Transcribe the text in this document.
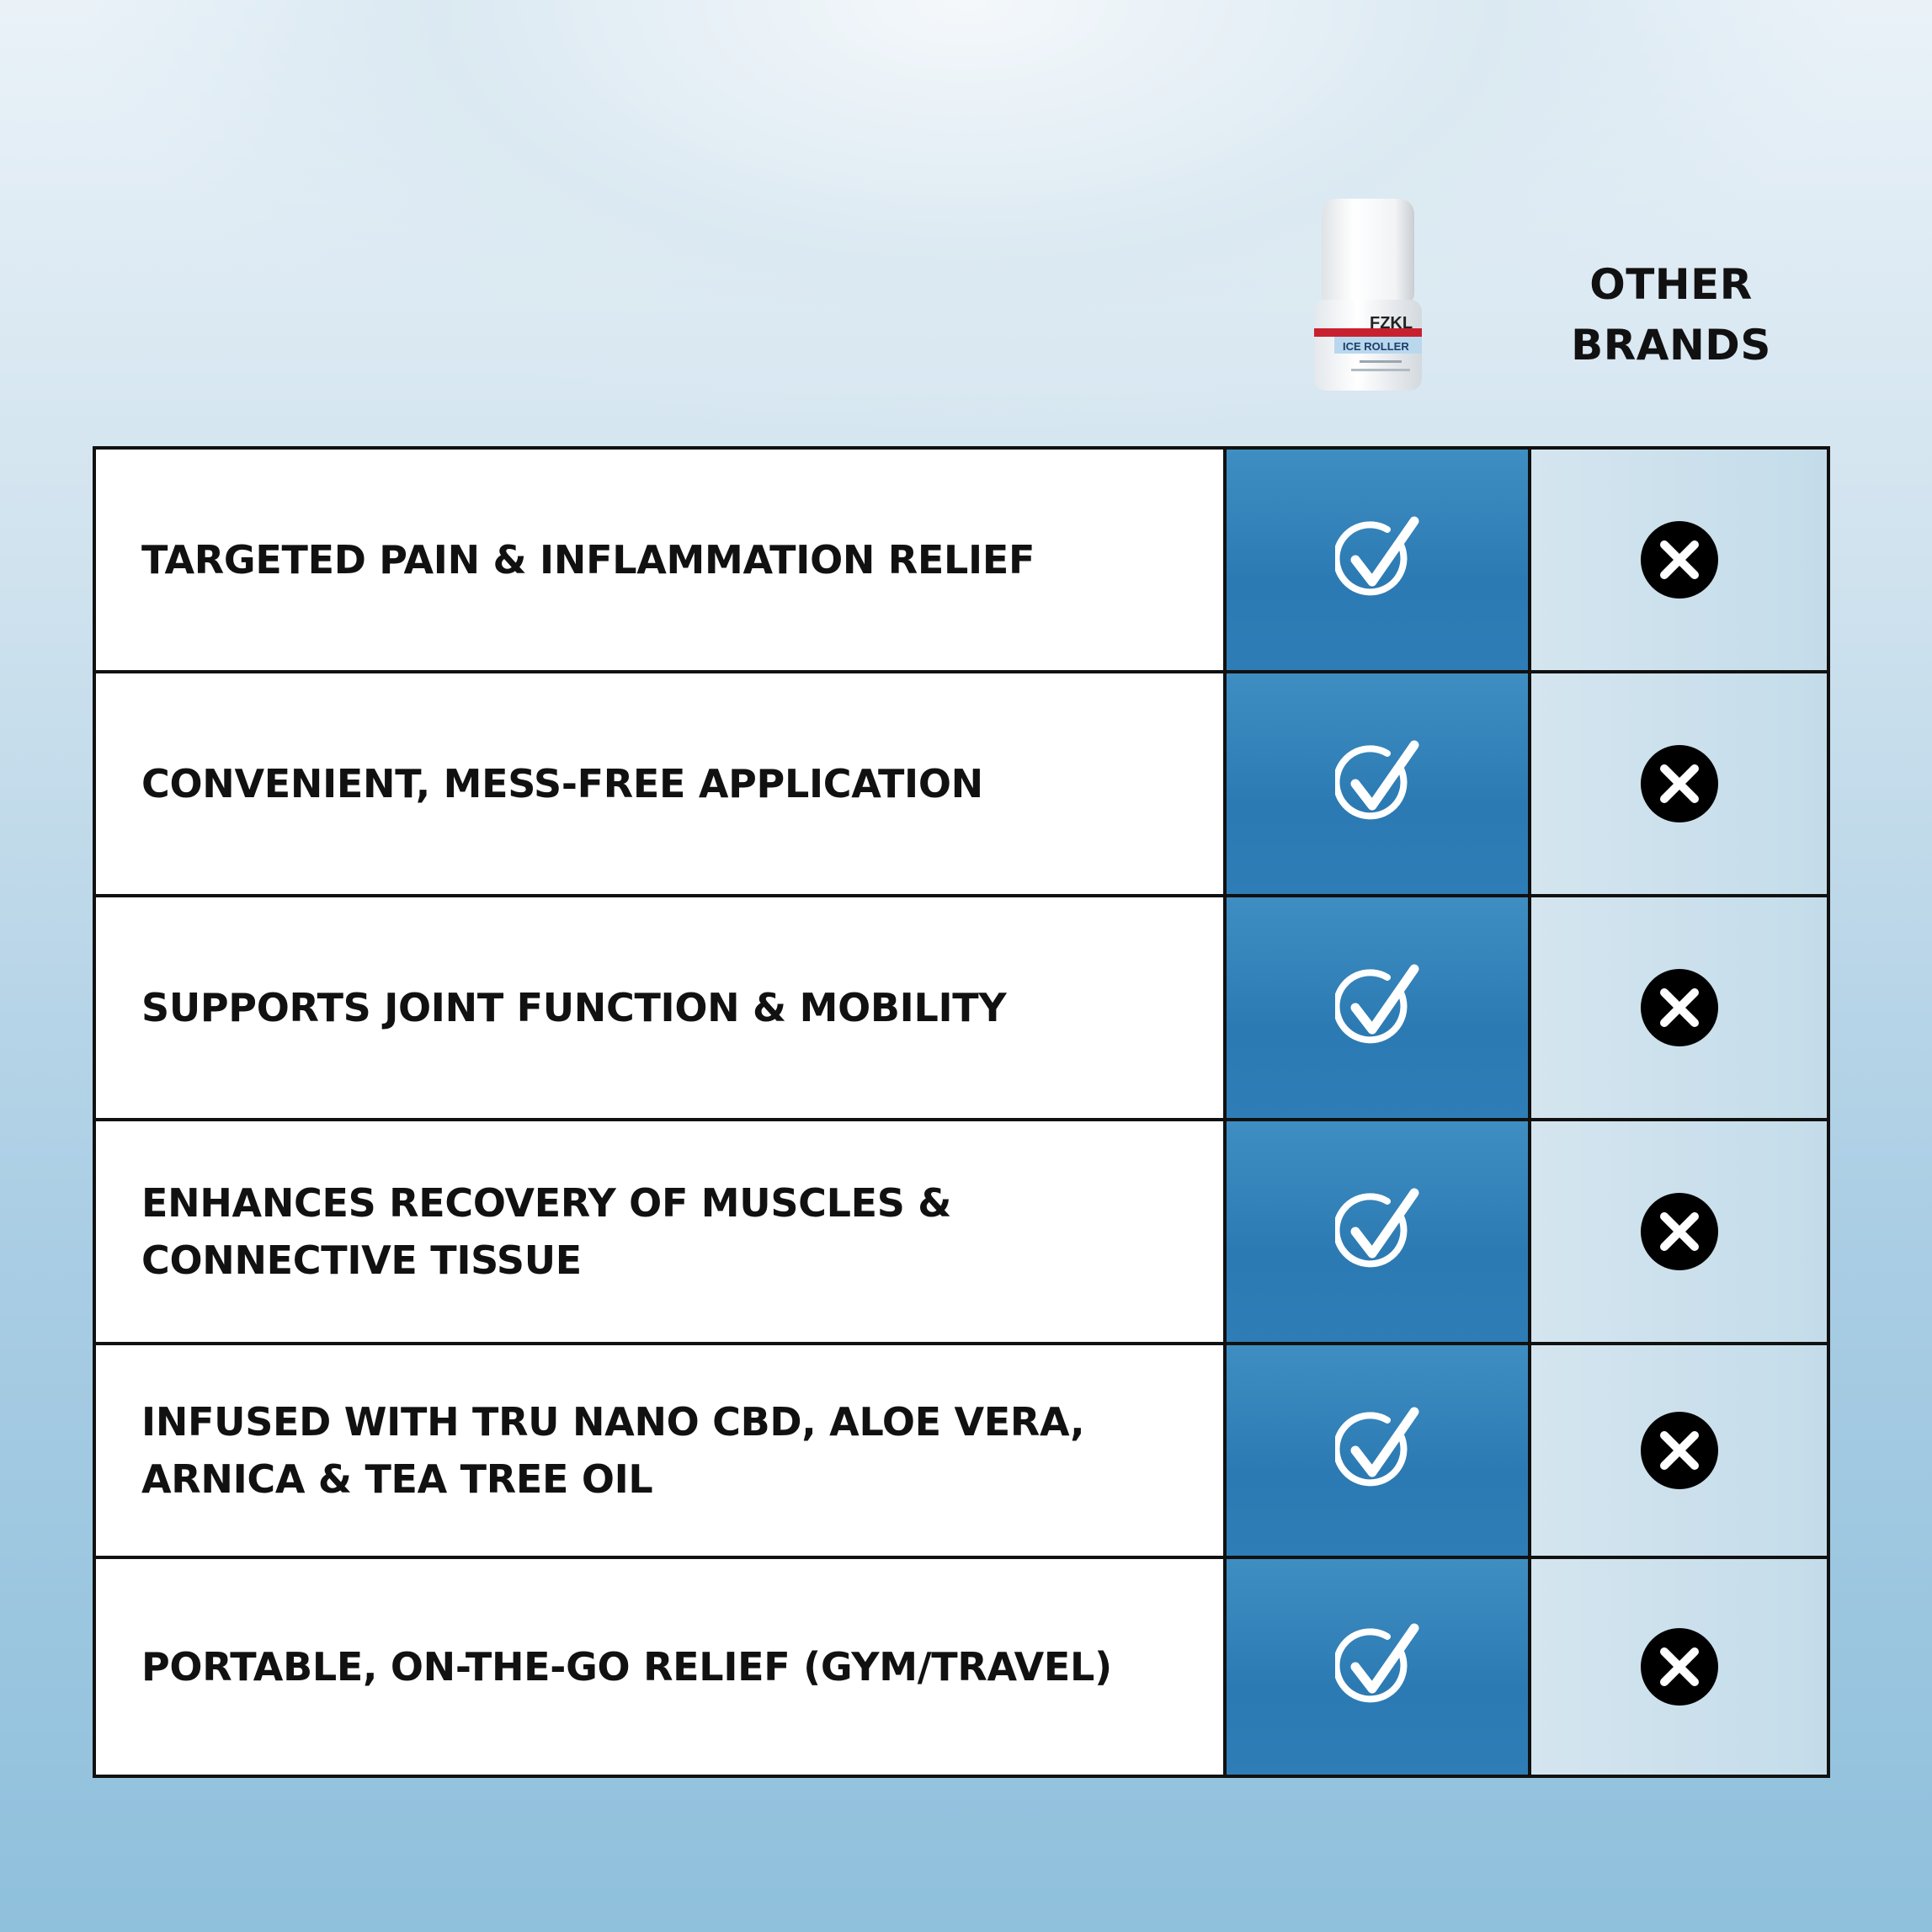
FZKL
ICE ROLLER
OTHER
BRANDS
TARGETED PAIN & INFLAMMATION RELIEF
CONVENIENT, MESS-FREE APPLICATION
SUPPORTS JOINT FUNCTION & MOBILITY
ENHANCES RECOVERY OF MUSCLES &
CONNECTIVE TISSUE
INFUSED WITH TRU NANO CBD, ALOE VERA,
ARNICA & TEA TREE OIL
PORTABLE, ON-THE-GO RELIEF (GYM/TRAVEL)
